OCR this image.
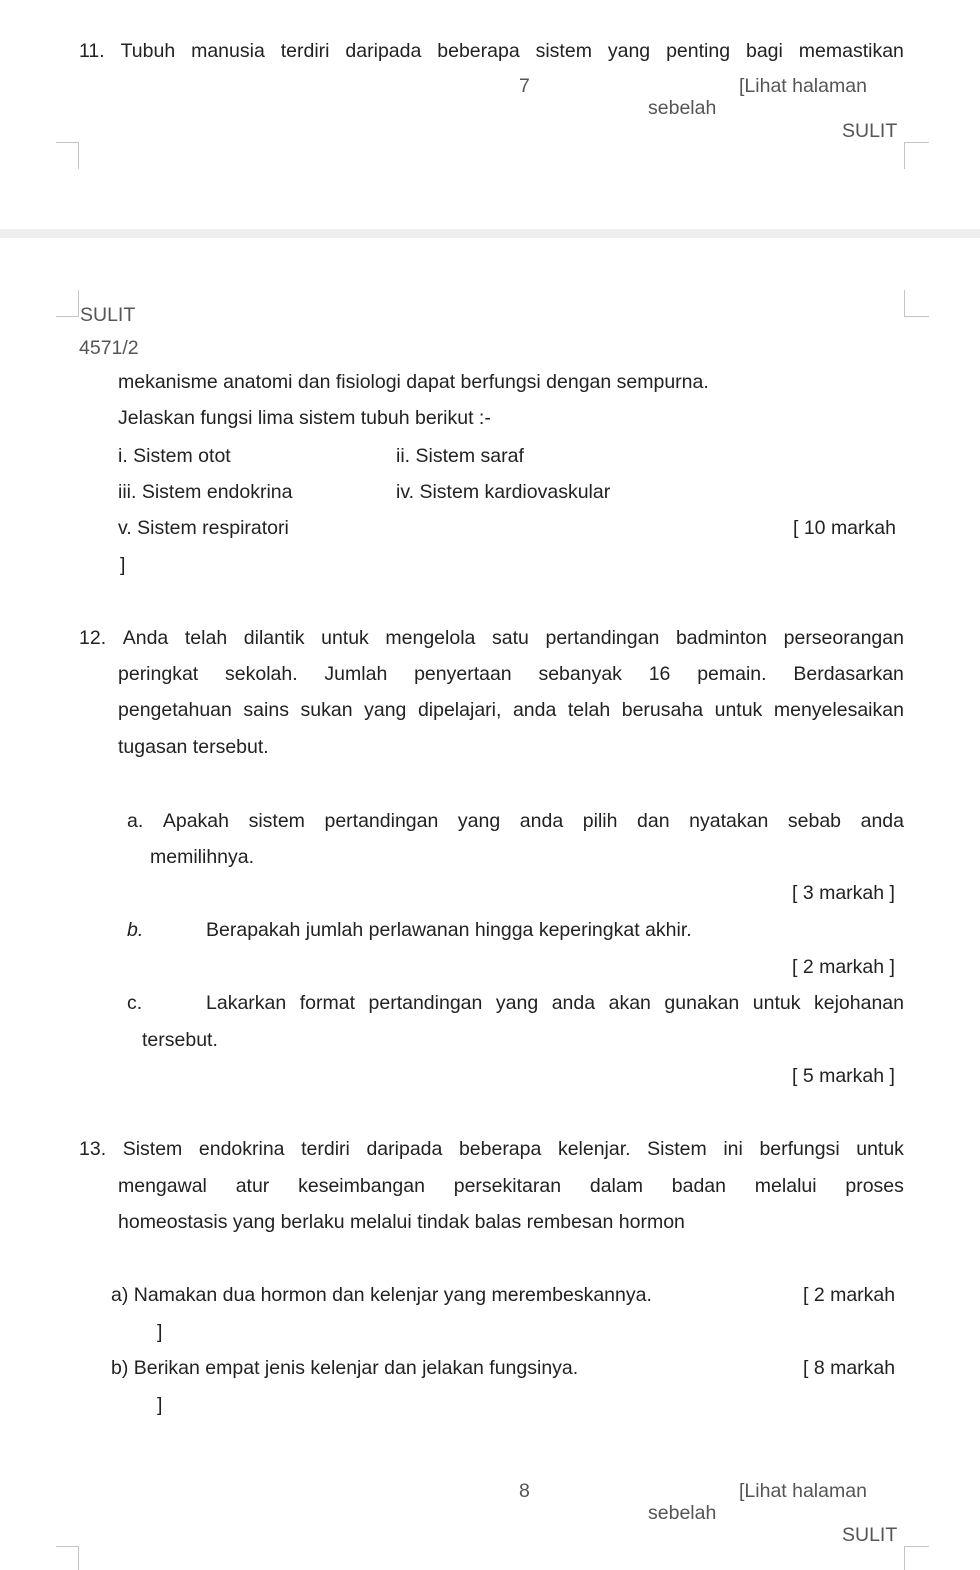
11. Tubuh manusia terdiri daripada beberapa sistem yang penting bagi memastikan
7	[Lihat halaman
sebelah
SULIT
SULIT
4571/2
mekanisme anatomi dan fisiologi dapat berfungsi dengan sempurna.
Jelaskan fungsi lima sistem tubuh berikut :-
i. Sistem otot	ii. Sistem saraf
iii. Sistem endokrina	iv. Sistem kardiovaskular
v. Sistem respiratori	[ 10 markah
]
12. Anda telah dilantik untuk mengelola satu pertandingan badminton perseorangan
peringkat sekolah. Jumlah penyertaan sebanyak 16 pemain. Berdasarkan
pengetahuan sains sukan yang dipelajari, anda telah berusaha untuk menyelesaikan
tugasan tersebut.
a. Apakah sistem pertandingan yang anda pilih dan nyatakan sebab anda
memilihnya.
[ 3 markah ]
b.	Berapakah jumlah perlawanan hingga keperingkat akhir.
[ 2 markah ]
c.	Lakarkan format pertandingan yang anda akan gunakan untuk kejohanan
tersebut.
[ 5 markah ]
13. Sistem endokrina terdiri daripada beberapa kelenjar. Sistem ini berfungsi untuk
mengawal atur keseimbangan persekitaran dalam badan melalui proses
homeostasis yang berlaku melalui tindak balas rembesan hormon
a) Namakan dua hormon dan kelenjar yang merembeskannya.	[ 2 markah
]
b) Berikan empat jenis kelenjar dan jelakan fungsinya.	[ 8 markah
]
8	[Lihat halaman
sebelah
SULIT
